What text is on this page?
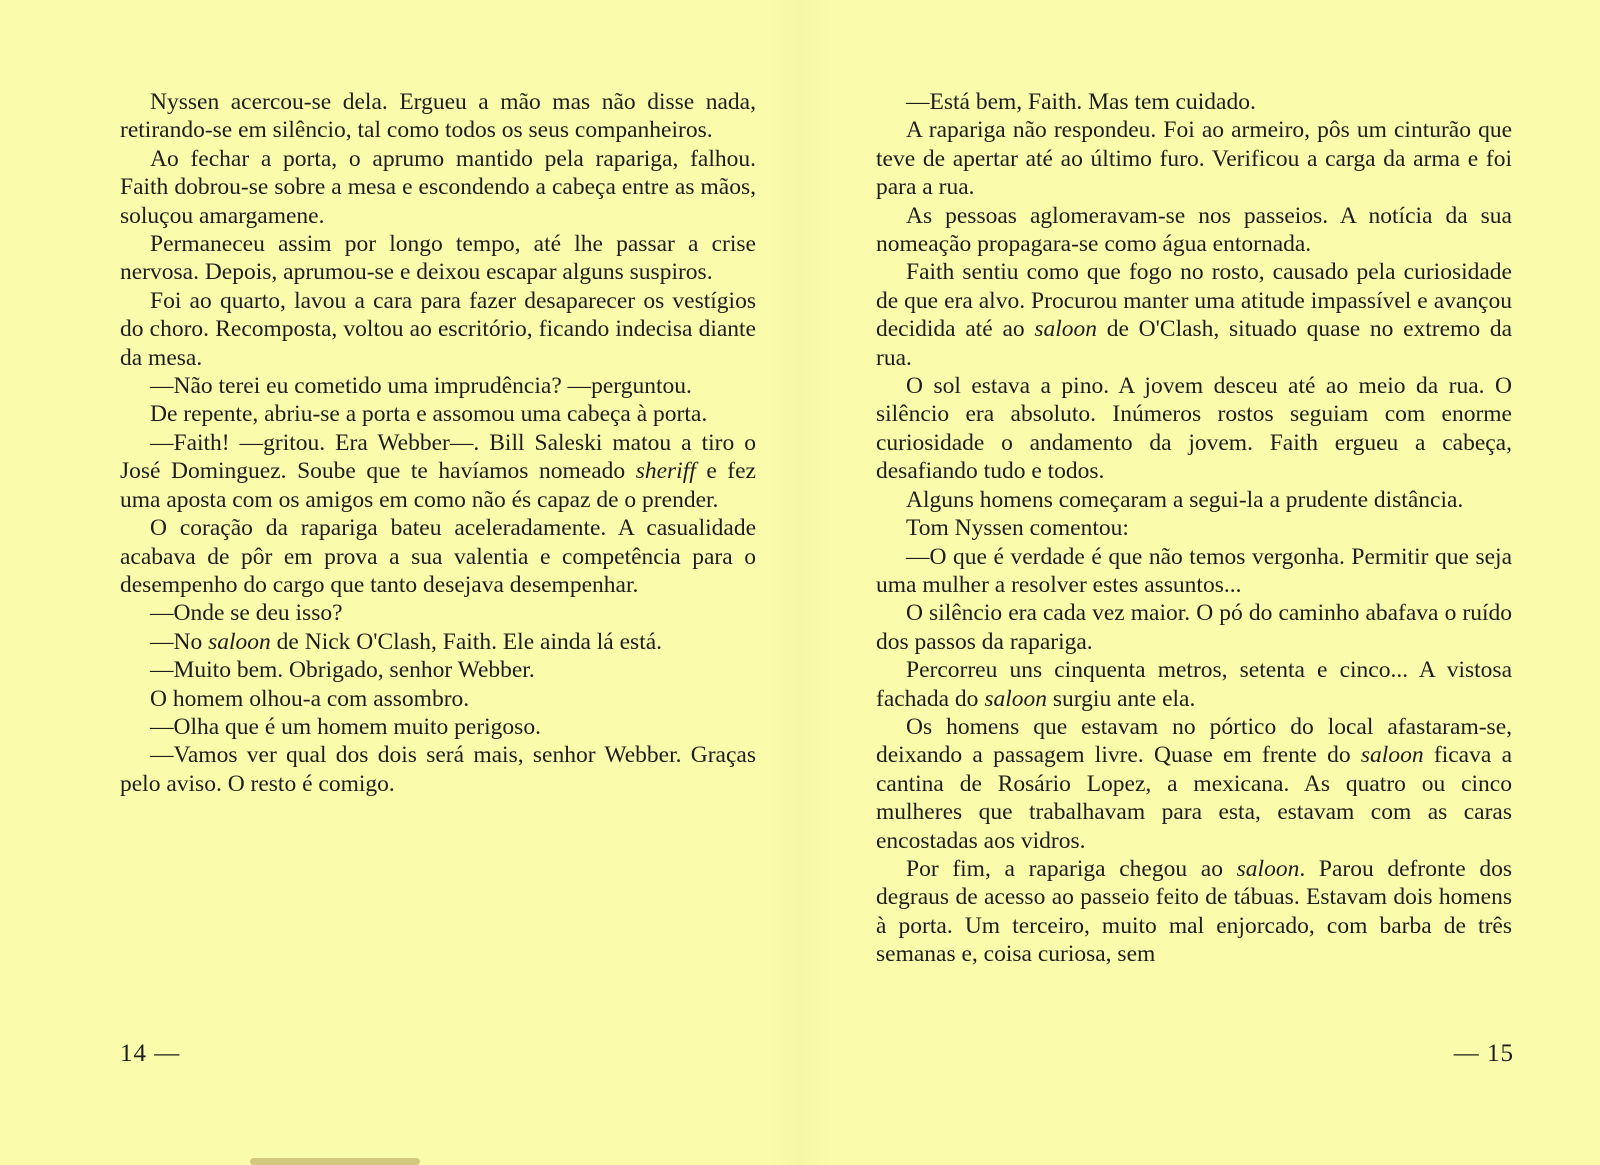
Nyssen acercou-se dela. Ergueu a mão mas não disse nada, retirando-se em silêncio, tal como todos os seus companheiros.

Ao fechar a porta, o aprumo mantido pela rapariga, falhou. Faith dobrou-se sobre a mesa e escondendo a cabeça entre as mãos, soluçou amargamene.

Permaneceu assim por longo tempo, até lhe passar a crise nervosa. Depois, aprumou-se e deixou escapar alguns suspiros.

Foi ao quarto, lavou a cara para fazer desaparecer os vestígios do choro. Recomposta, voltou ao escritório, ficando indecisa diante da mesa.

—Não terei eu cometido uma imprudência? —perguntou.

De repente, abriu-se a porta e assomou uma cabeça à porta.

—Faith! —gritou. Era Webber—. Bill Saleski matou a tiro o José Dominguez. Soube que te havíamos nomeado sheriff e fez uma aposta com os amigos em como não és capaz de o prender.

O coração da rapariga bateu aceleradamente. A casualidade acabava de pôr em prova a sua valentia e competência para o desempenho do cargo que tanto desejava desempenhar.

—Onde se deu isso?

—No saloon de Nick O'Clash, Faith. Ele ainda lá está.

—Muito bem. Obrigado, senhor Webber.

O homem olhou-a com assombro.

—Olha que é um homem muito perigoso.

—Vamos ver qual dos dois será mais, senhor Webber. Graças pelo aviso. O resto é comigo.

—Está bem, Faith. Mas tem cuidado.

A rapariga não respondeu. Foi ao armeiro, pôs um cinturão que teve de apertar até ao último furo. Verificou a carga da arma e foi para a rua.

As pessoas aglomeravam-se nos passeios. A notícia da sua nomeação propagara-se como água entornada.

Faith sentiu como que fogo no rosto, causado pela curiosidade de que era alvo. Procurou manter uma atitude impassível e avançou decidida até ao saloon de O'Clash, situado quase no extremo da rua.

O sol estava a pino. A jovem desceu até ao meio da rua. O silêncio era absoluto. Inúmeros rostos seguiam com enorme curiosidade o andamento da jovem. Faith ergueu a cabeça, desafiando tudo e todos.

Alguns homens começaram a segui-la a prudente distância.

Tom Nyssen comentou:

—O que é verdade é que não temos vergonha. Permitir que seja uma mulher a resolver estes assuntos...

O silêncio era cada vez maior. O pó do caminho abafava o ruído dos passos da rapariga.

Percorreu uns cinquenta metros, setenta e cinco... A vistosa fachada do saloon surgiu ante ela.

Os homens que estavam no pórtico do local afastaram-se, deixando a passagem livre. Quase em frente do saloon ficava a cantina de Rosário Lopez, a mexicana. As quatro ou cinco mulheres que trabalhavam para esta, estavam com as caras encostadas aos vidros.

Por fim, a rapariga chegou ao saloon. Parou defronte dos degraus de acesso ao passeio feito de tábuas. Estavam dois homens à porta. Um terceiro, muito mal enjorcado, com barba de três semanas e, coisa curiosa, sem

14 —	— 15
